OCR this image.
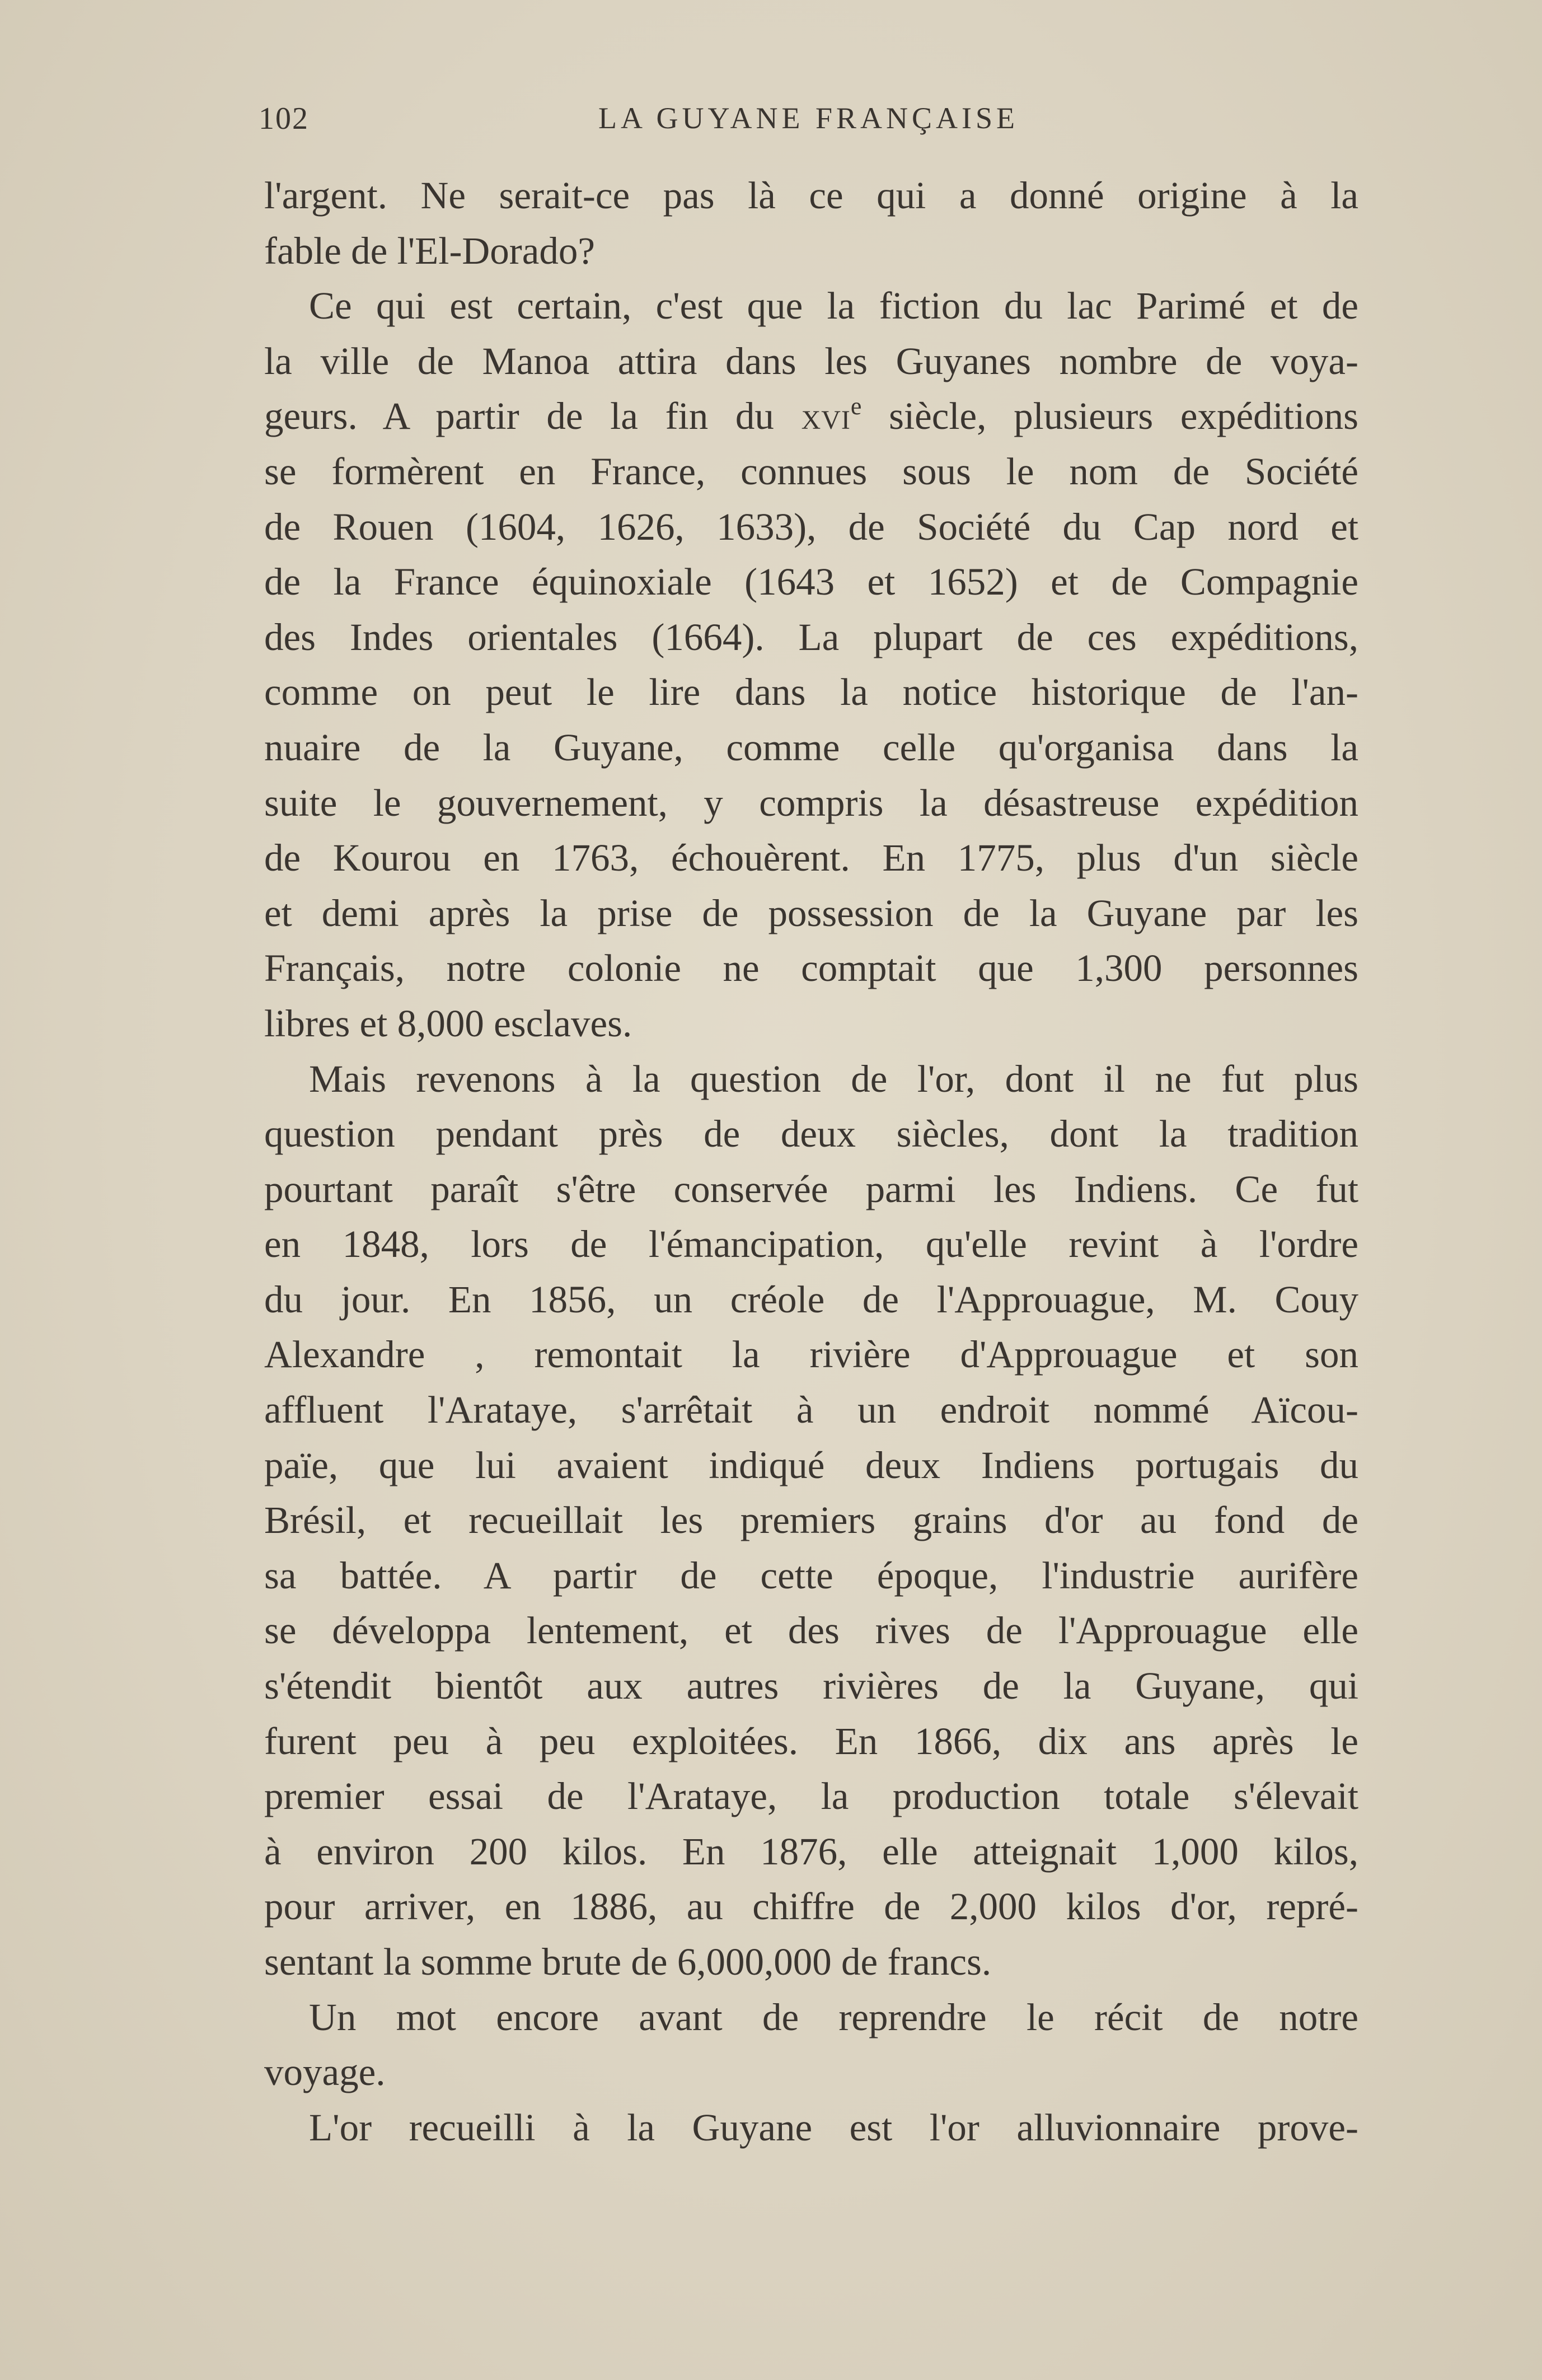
102	LA GUYANE FRANÇAISE
l'argent. Ne serait-ce pas là ce qui a donné origine à la
fable de l'El-Dorado?
Ce qui est certain, c'est que la fiction du lac Parimé et de
la ville de Manoa attira dans les Guyanes nombre de voya-
geurs. A partir de la fin du xvi$^e$ siècle, plusieurs expéditions
se formèrent en France, connues sous le nom de Société
de Rouen (1604, 1626, 1633), de Société du Cap nord et
de la France équinoxiale (1643 et 1652) et de Compagnie
des Indes orientales (1664). La plupart de ces expéditions,
comme on peut le lire dans la notice historique de l'an-
nuaire de la Guyane, comme celle qu'organisa dans la
suite le gouvernement, y compris la désastreuse expédition
de Kourou en 1763, échouèrent. En 1775, plus d'un siècle
et demi après la prise de possession de la Guyane par les
Français, notre colonie ne comptait que 1,300 personnes
libres et 8,000 esclaves.
Mais revenons à la question de l'or, dont il ne fut plus
question pendant près de deux siècles, dont la tradition
pourtant paraît s'être conservée parmi les Indiens. Ce fut
en 1848, lors de l'émancipation, qu'elle revint à l'ordre
du jour. En 1856, un créole de l'Approuague, M. Couy
Alexandre , remontait la rivière d'Approuague et son
affluent l'Arataye, s'arrêtait à un endroit nommé Aïcou-
païe, que lui avaient indiqué deux Indiens portugais du
Brésil, et recueillait les premiers grains d'or au fond de
sa battée. A partir de cette époque, l'industrie aurifère
se développa lentement, et des rives de l'Approuague elle
s'étendit bientôt aux autres rivières de la Guyane, qui
furent peu à peu exploitées. En 1866, dix ans après le
premier essai de l'Arataye, la production totale s'élevait
à environ 200 kilos. En 1876, elle atteignait 1,000 kilos,
pour arriver, en 1886, au chiffre de 2,000 kilos d'or, repré-
sentant la somme brute de 6,000,000 de francs.
Un mot encore avant de reprendre le récit de notre
voyage.
L'or recueilli à la Guyane est l'or alluvionnaire prove-
